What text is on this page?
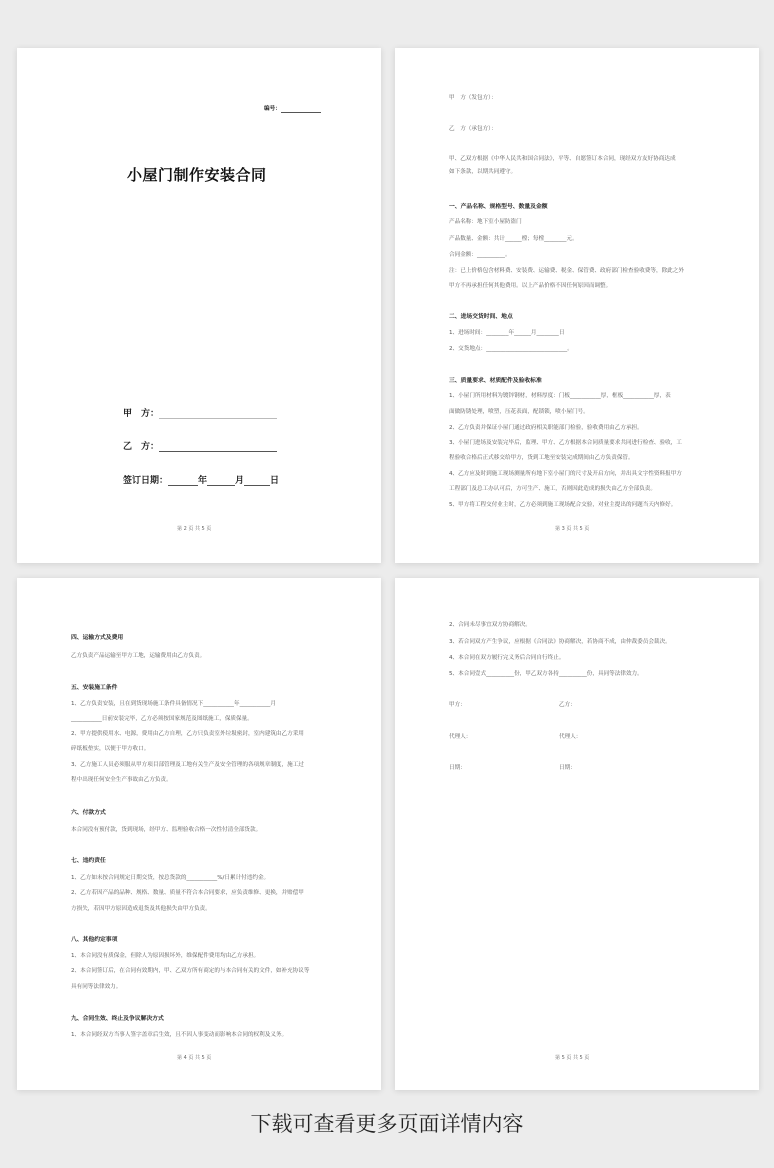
编号：
小屋门制作安装合同
甲　方：
乙　方：
签订日期：	年	月	日
第 2 页 共 5 页
甲　方（发包方）：
乙　方（承包方）：
甲、乙双方根据《中华人民共和国合同法》，平等、自愿签订本合同，现经双方友好协商达成
如下条款，以期共同遵守。
一、产品名称、规格型号、数量及金额
产品名称：地下室小屋防盗门
产品数量、金额：共计______樘；每樘________元。
合同金额：__________。
注：已上价格包含材料费、安装费、运输费、税金、保管费、政府部门检查验收费等，除此之外
甲方不再承担任何其他费用。以上产品价格不因任何原因而调整。
二、进场交货时间、地点
1、进场时间：________年______月________日
2、交货地点：_____________________________。
三、质量要求、材质配件及验收标准
1、小屋门所用材料为镀锌钢材，材料厚度：门板___________厚，框板___________厚，表
面做防锈处理，喷塑，压花表面，配锁锁，喷小屋门号。
2、乙方负责并保证小屋门通过政府相关职能部门检验，验收费用由乙方承担。
3、小屋门进场及安装完毕后，监理、甲方、乙方根据本合同质量要求共同进行检查、验收，工
程验收合格后正式移交给甲方，货到工地至安装完成期间由乙方负责保管。
4、乙方应及时到施工现场测量所有地下室小屋门的尺寸及开启方向，并出具文字性资料报甲方
工程部门及总工办认可后，方可生产、施工，否则因此造成的损失由乙方全部负责。
5、甲方将工程交付业主时，乙方必须到施工现场配合交验，对业主提出的问题当天内修好。
第 3 页 共 5 页
四、运输方式及费用
乙方负责产品运输至甲方工地，运输费用由乙方负责。
五、安装施工条件
1、乙方负责安装，且在到货现场施工条件具备情况下___________年___________月
___________日前安装完毕，乙方必须按国家规范及图纸施工，保质保量。
2、甲方提供使用水、电源，费用由乙方自理，乙方只负责室外垃圾密封，室内建筑由乙方采用
碎纸板垫实，以便于甲方收口。
3、乙方施工人员必须服从甲方项目部管理及工地有关生产及安全管理的各项规章制度，施工过
程中出现任何安全生产事故由乙方负责。
六、付款方式
本合同没有预付款，货到现场，经甲方、监理验收合格一次性付清全部货款。
七、违约责任
1、乙方如未按合同规定日期交货，按总货款的___________%/日累计付违约金。
2、乙方若因产品的品种、规格、数量、质量不符合本合同要求，应负责维修、更换，并赔偿甲
方损失，若因甲方原因造成退货及其他损失由甲方负责。
八、其他约定事项
1、本合同没有质保金，但除人为原因损坏外，维保配件费用均由乙方承担。
2、本合同签订后，在合同有效期内，甲、乙双方所有商定的与本合同有关的文件，如补充协议等
具有同等法律效力。
九、合同生效、终止及争议解决方式
1、本合同经双方当事人签字盖章后生效，且不因人事变动而影响本合同的权利及义务。
第 4 页 共 5 页
2、合同未尽事宜双方协商解决。
3、若合同双方产生争议，应根据《合同法》协商解决，若协商不成，由仲裁委员会裁决。
4、本合同在双方履行完义务后合同自行终止。
5、本合同壹式__________份，甲乙双方各持__________份，具同等法律效力。
甲方：	乙方：
代理人：	代理人：
日期：	日期：
第 5 页 共 5 页
下载可查看更多页面详情内容
